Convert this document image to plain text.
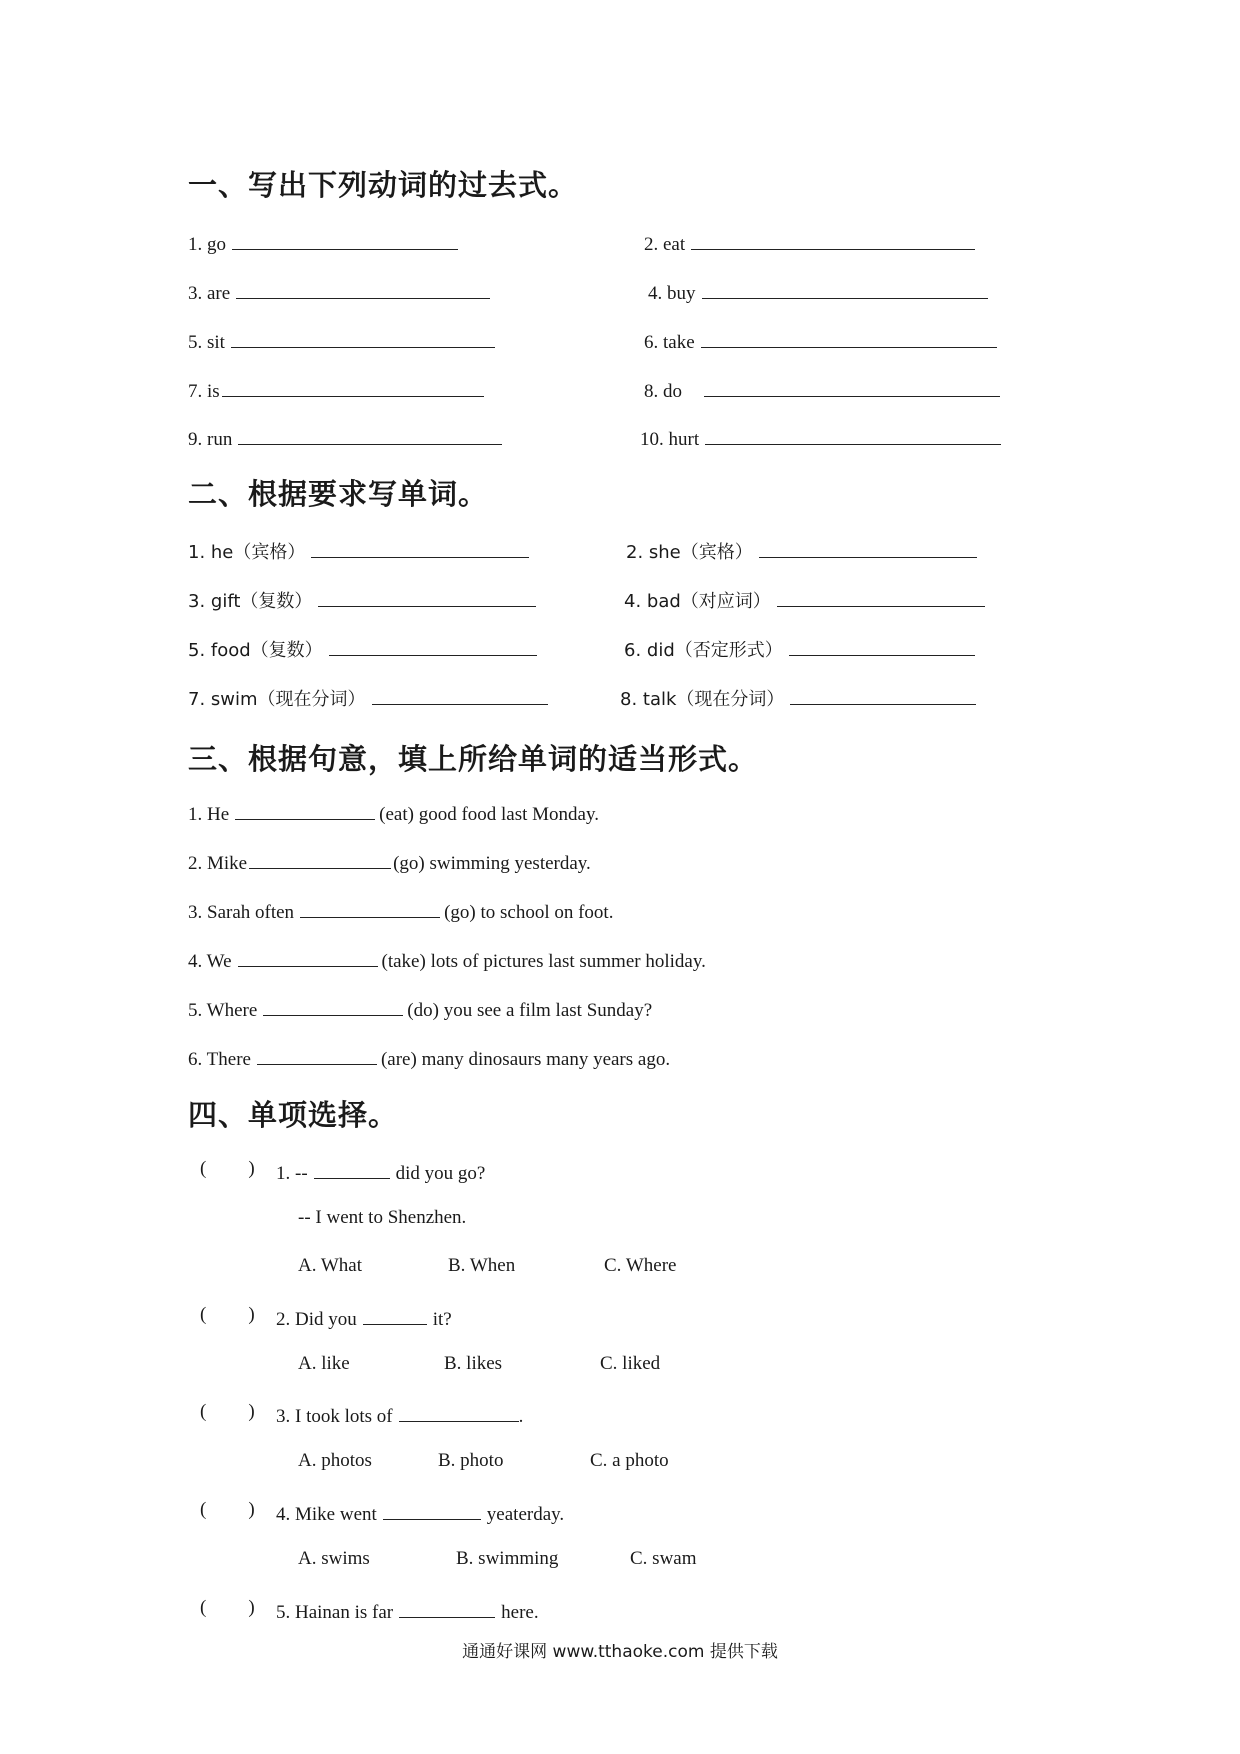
一、写出下列动词的过去式。
1. go	2. eat
3. are	4. buy
5. sit	6. take
7. is	8. do
9. run	10. hurt
二、根据要求写单词。
1. he（宾格）	2. she（宾格）
3. gift（复数）	4. bad（对应词）
5. food（复数）	6. did（否定形式）
7. swim（现在分词）	8. talk（现在分词）
三、根据句意，填上所给单词的适当形式。
1. He	(eat) good food last Monday.
2. Mike	(go) swimming yesterday.
3. Sarah often	(go) to school on foot.
4. We	(take) lots of pictures last summer holiday.
5. Where	(do) you see a film last Sunday?
6. There	(are) many dinosaurs many years ago.
四、单项选择。
( ) 1. --	did you go?
-- I went to Shenzhen.
A. What	B. When	C. Where
( ) 2. Did you	it?
A. like	B. likes	C. liked
( ) 3. I took lots of	.
A. photos	B. photo	C. a photo
( ) 4. Mike went	yeaterday.
A. swims	B. swimming	C. swam
( ) 5. Hainan is far	here.
通通好课网 www.tthaoke.com 提供下载
